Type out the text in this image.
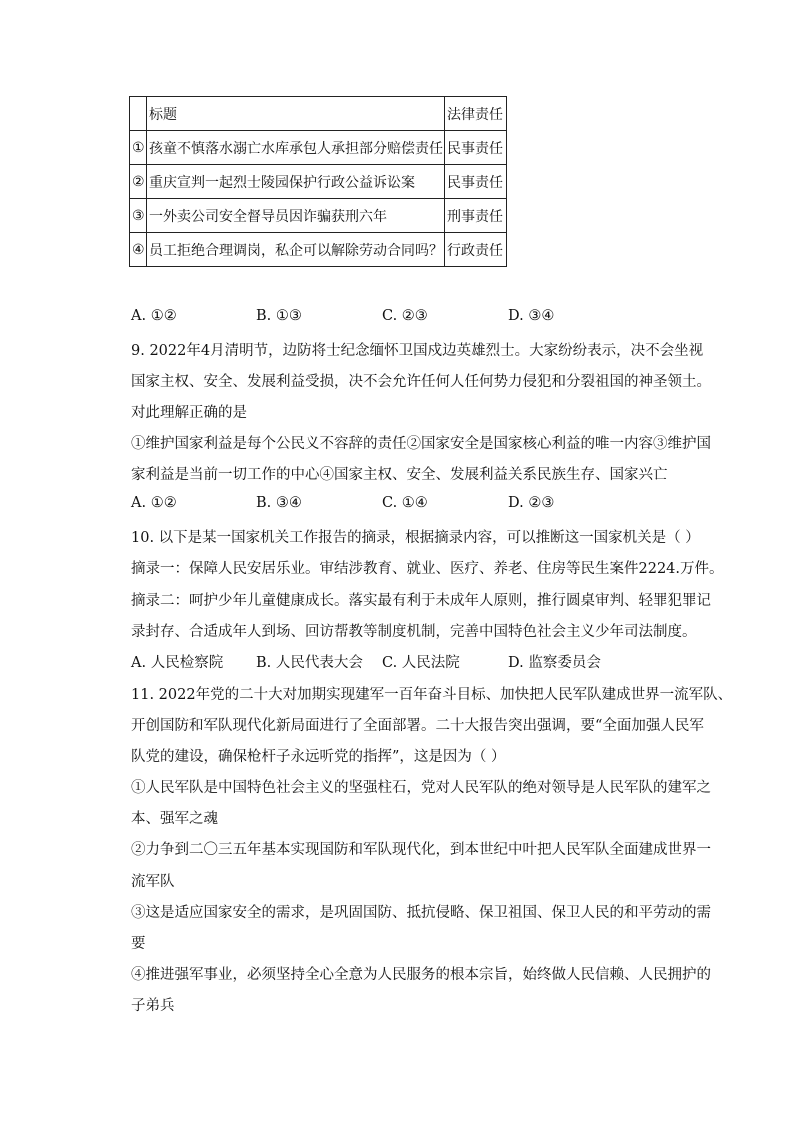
	标题	法律责任
①	孩童不慎落水溺亡水库承包人承担部分赔偿责任	民事责任
②	重庆宣判一起烈士陵园保护行政公益诉讼案	民事责任
③	一外卖公司安全督导员因诈骗获刑六年	刑事责任
④	员工拒绝合理调岗，私企可以解除劳动合同吗？	行政责任
A. ①②	B. ①③	C. ②③	D. ③④
9. 2022年4月清明节，边防将士纪念缅怀卫国戍边英雄烈士。大家纷纷表示，决不会坐视
国家主权、安全、发展利益受损，决不会允许任何人任何势力侵犯和分裂祖国的神圣领土。
对此理解正确的是
①维护国家利益是每个公民义不容辞的责任②国家安全是国家核心利益的唯一内容③维护国
家利益是当前一切工作的中心④国家主权、安全、发展利益关系民族生存、国家兴亡
A. ①②	B. ③④	C. ①④	D. ②③
10. 以下是某一国家机关工作报告的摘录，根据摘录内容，可以推断这一国家机关是（ ）
摘录一：保障人民安居乐业。审结涉教育、就业、医疗、养老、住房等民生案件2224.万件。
摘录二：呵护少年儿童健康成长。落实最有利于未成年人原则，推行圆桌审判、轻罪犯罪记
录封存、合适成年人到场、回访帮教等制度机制，完善中国特色社会主义少年司法制度。
A. 人民检察院 B. 人民代表大会 C. 人民法院	D. 监察委员会
11. 2022年党的二十大对加期实现建军一百年奋斗目标、加快把人民军队建成世界一流军队、
开创国防和军队现代化新局面进行了全面部署。二十大报告突出强调，要“全面加强人民军
队党的建设，确保枪杆子永远听党的指挥”，这是因为（ ）
①人民军队是中国特色社会主义的坚强柱石，党对人民军队的绝对领导是人民军队的建军之
本、强军之魂
②力争到二〇三五年基本实现国防和军队现代化，到本世纪中叶把人民军队全面建成世界一
流军队
③这是适应国家安全的需求，是巩固国防、抵抗侵略、保卫祖国、保卫人民的和平劳动的需
要
④推进强军事业，必须坚持全心全意为人民服务的根本宗旨，始终做人民信赖、人民拥护的
子弟兵
